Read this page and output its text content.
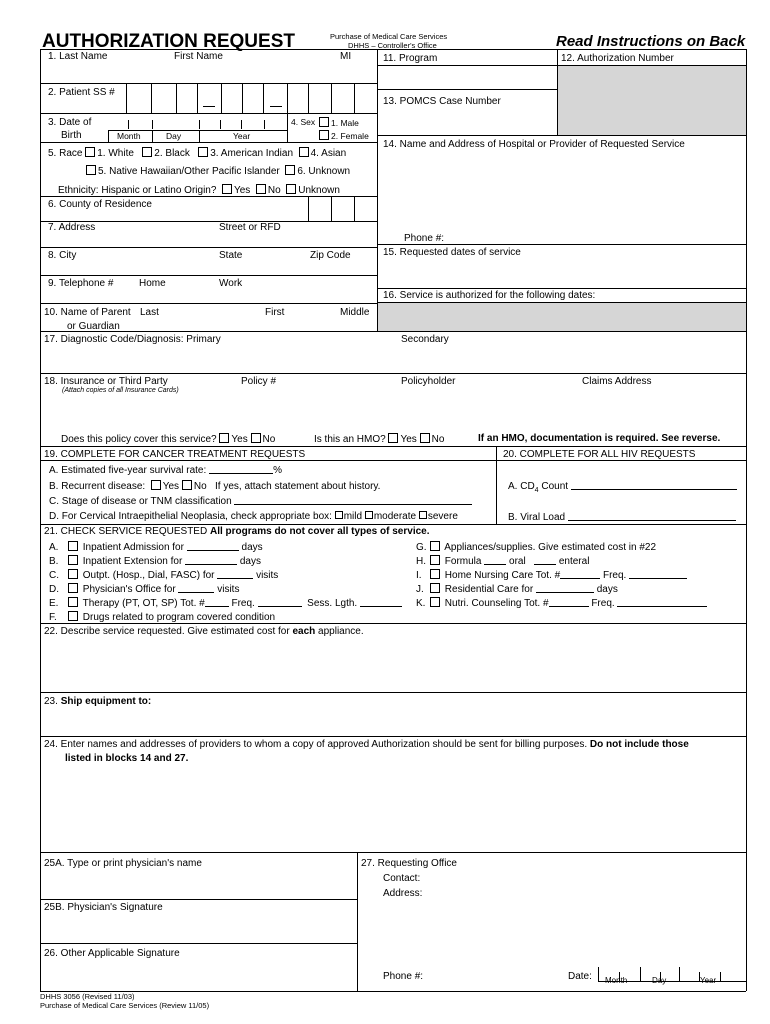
AUTHORIZATION REQUEST	Purchase of Medical Care Services
DHHS – Controller's Office	Read Instructions on Back
1. Last Name	First Name	MI
2. Patient SS #
3. Date of
Birth	Month	Day	Year
4. Sex	1. Male
2. Female
5. Race 1. White 2. Black 3. American Indian 4. Asian
5. Native Hawaiian/Other Pacific Islander 6. Unknown
Ethnicity: Hispanic or Latino Origin? Yes No Unknown
6. County of Residence
7. Address	Street or RFD
8. City	State	Zip Code
9. Telephone #	Home	Work
10. Name of Parent
or Guardian
Last	First	Middle
11. Program	12. Authorization Number
13. POMCS Case Number
14. Name and Address of Hospital or Provider of Requested Service
Phone #:
15. Requested dates of service
16. Service is authorized for the following dates:
17. Diagnostic Code/Diagnosis: Primary	Secondary
18. Insurance or Third Party
(Attach copies of all Insurance Cards)
Policy #	Policyholder	Claims Address
Does this policy cover this service? Yes No	Is this an HMO? Yes No	If an HMO, documentation is required. See reverse.
19. COMPLETE FOR CANCER TREATMENT REQUESTS
A. Estimated five-year survival rate:	%
B. Recurrent disease: Yes No If yes, attach statement about history.
C. Stage of disease or TNM classification
D. For Cervical Intraepithelial Neoplasia, check appropriate box: mild moderate severe
20. COMPLETE FOR ALL HIV REQUESTS
A. $CD_4$ Count
B. Viral Load
21. CHECK SERVICE REQUESTED All programs do not cover all types of service.
A. Inpatient Admission for	days
B. Inpatient Extension for	days
C. Outpt. (Hosp., Dial, FASC) for	visits
D. Physician's Office for	visits
E. Therapy (PT, OT, SP) Tot. #	Freq.	Sess. Lgth.
F.	Drugs related to program covered condition
G. Appliances/supplies. Give estimated cost in #22
H. Formula	oral	enteral
I. Home Nursing Care Tot. #	Freq.
J. Residential Care for	days
K. Nutri. Counseling Tot. #	Freq.
22. Describe service requested. Give estimated cost for each appliance.
23. Ship equipment to:
24. Enter names and addresses of providers to whom a copy of approved Authorization should be sent for billing purposes. Do not include those
listed in blocks 14 and 27.
25A. Type or print physician's name
25B. Physician's Signature
26. Other Applicable Signature
27. Requesting Office
Contact:
Address:
Phone #:	Date: Month	Day	Year
DHHS 3056 (Revised 11/03)
Purchase of Medical Care Services (Review 11/05)
